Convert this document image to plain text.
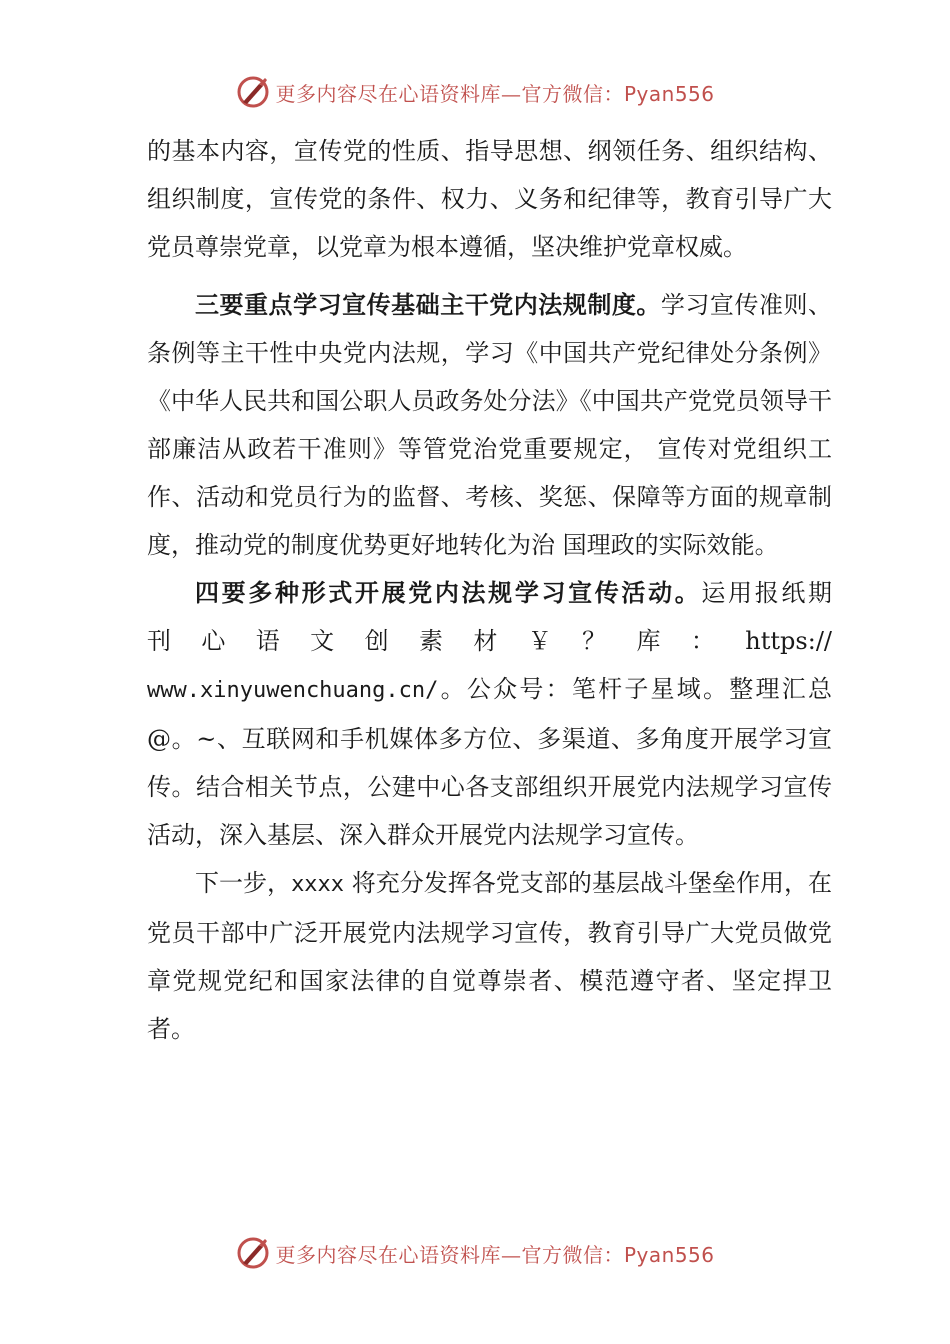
更多内容尽在心语资料库—官方微信：Pyan556

的基本内容，宣传党的性质、指导思想、纲领任务、组织结构、组织制度，宣传党的条件、权力、义务和纪律等，教育引导广大党员尊崇党章，以党章为根本遵循，坚决维护党章权威。

三要重点学习宣传基础主干党内法规制度。学习宣传准则、条例等主干性中央党内法规，学习《中国共产党纪律处分条例》《中华人民共和国公职人员政务处分法》《中国共产党党员领导干部廉洁从政若干准则》等管党治党重要规定， 宣传对党组织工作、活动和党员行为的监督、考核、奖惩、保障等方面的规章制度，推动党的制度优势更好地转化为治 国理政的实际效能。

四要多种形式开展党内法规学习宣传活动。运用报纸期

刊心语文创素材￥？库：https://

www.xinyuwenchuang.cn/。公众号：笔杆子星域。整理汇总@。~、互联网和手机媒体多方位、多渠道、多角度开展学习宣传。结合相关节点，公建中心各支部组织开展党内法规学习宣传活动，深入基层、深入群众开展党内法规学习宣传。

下一步，xxxx 将充分发挥各党支部的基层战斗堡垒作用，在党员干部中广泛开展党内法规学习宣传，教育引导广大党员做党章党规党纪和国家法律的自觉尊崇者、模范遵守者、坚定捍卫者。

更多内容尽在心语资料库—官方微信：Pyan556
